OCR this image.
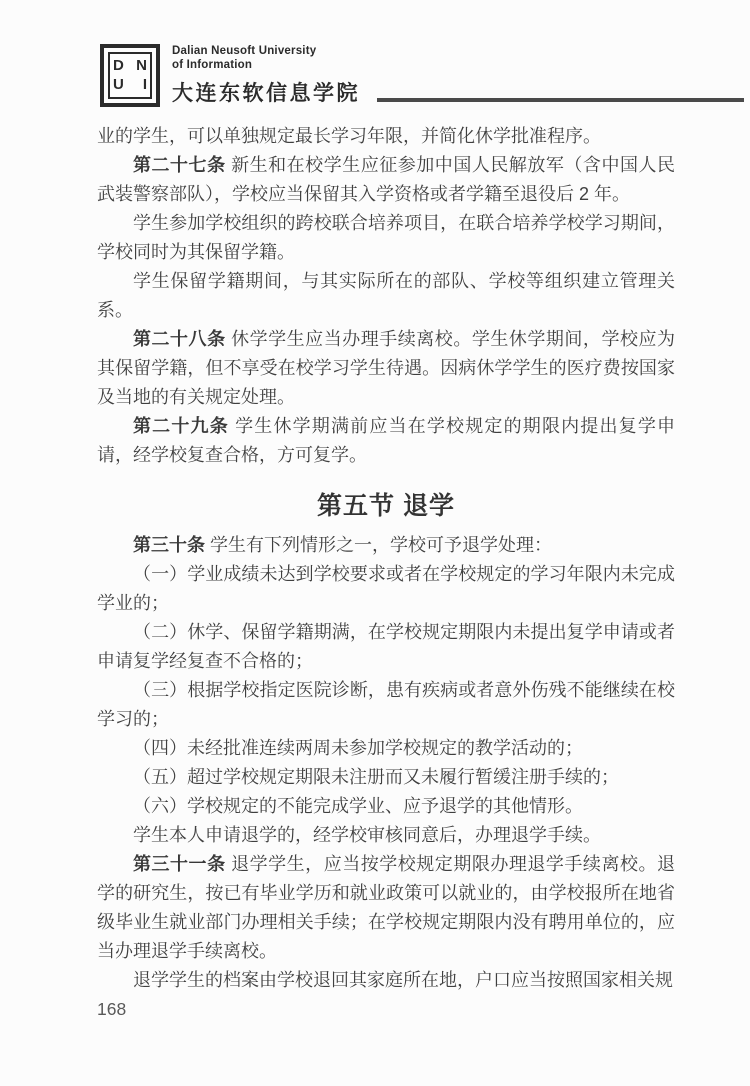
D N
U I
Dalian Neusoft University
of Information
大连东软信息学院

业的学生，可以单独规定最长学习年限，并简化休学批准程序。

第二十七条 新生和在校学生应征参加中国人民解放军（含中国人民武装警察部队），学校应当保留其入学资格或者学籍至退役后 2 年。

学生参加学校组织的跨校联合培养项目，在联合培养学校学习期间，学校同时为其保留学籍。

学生保留学籍期间，与其实际所在的部队、学校等组织建立管理关系。

第二十八条 休学学生应当办理手续离校。学生休学期间，学校应为其保留学籍，但不享受在校学习学生待遇。因病休学学生的医疗费按国家及当地的有关规定处理。

第二十九条 学生休学期满前应当在学校规定的期限内提出复学申请，经学校复查合格，方可复学。

第五节 退学

第三十条 学生有下列情形之一，学校可予退学处理：

（一）学业成绩未达到学校要求或者在学校规定的学习年限内未完成学业的；

（二）休学、保留学籍期满，在学校规定期限内未提出复学申请或者申请复学经复查不合格的；

（三）根据学校指定医院诊断，患有疾病或者意外伤残不能继续在校学习的；

（四）未经批准连续两周未参加学校规定的教学活动的；

（五）超过学校规定期限未注册而又未履行暂缓注册手续的；

（六）学校规定的不能完成学业、应予退学的其他情形。

学生本人申请退学的，经学校审核同意后，办理退学手续。

第三十一条 退学学生，应当按学校规定期限办理退学手续离校。退学的研究生，按已有毕业学历和就业政策可以就业的，由学校报所在地省级毕业生就业部门办理相关手续；在学校规定期限内没有聘用单位的，应当办理退学手续离校。

退学学生的档案由学校退回其家庭所在地，户口应当按照国家相关规

168
